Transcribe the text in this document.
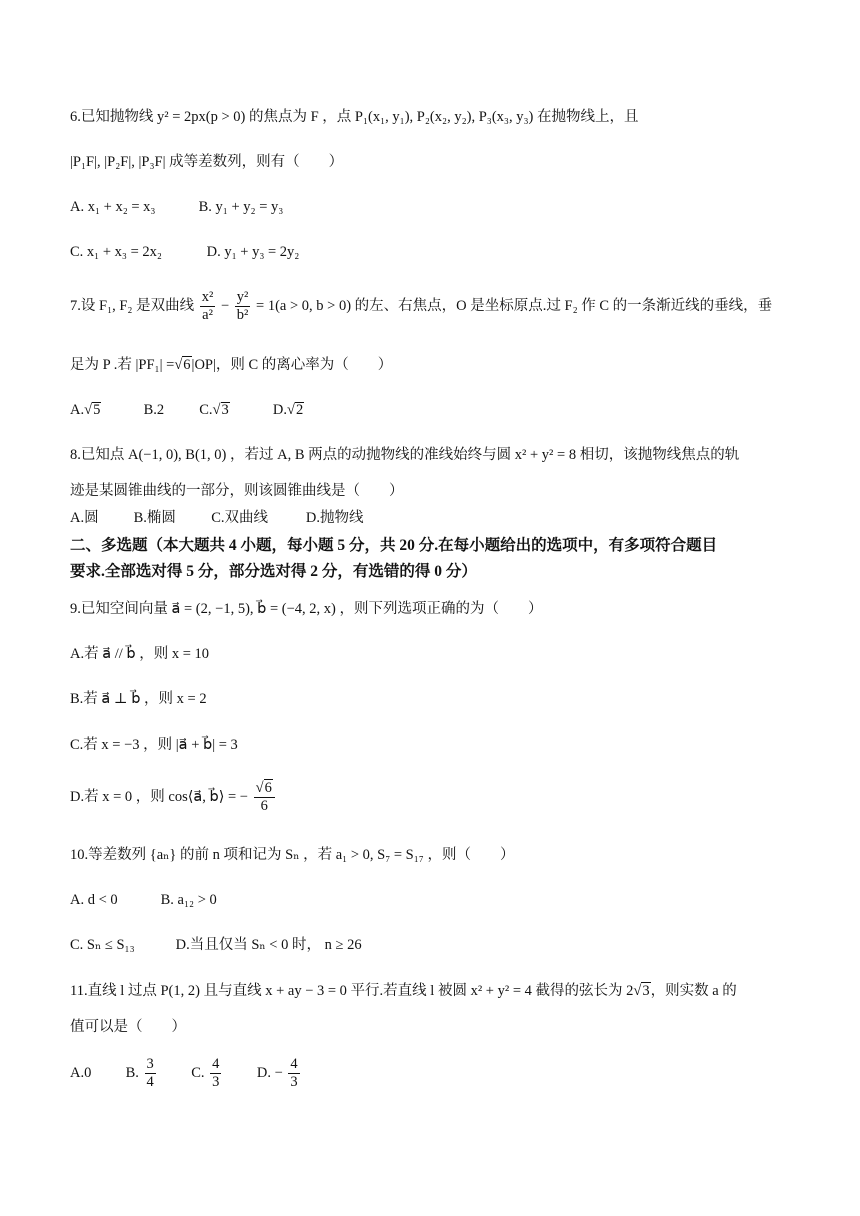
6.已知抛物线 y² = 2px(p > 0) 的焦点为 F ，点 P₁(x₁, y₁), P₂(x₂, y₂), P₃(x₃, y₃) 在抛物线上，且
|P₁F|, |P₂F|, |P₃F| 成等差数列，则有（　　）
A. x₁ + x₂ = x₃	B. y₁ + y₂ = y₃
C. x₁ + x₃ = 2x₂	D. y₁ + y₃ = 2y₂
7.设 F₁, F₂ 是双曲线 $\frac{\text{x²}}{\text{a²}} - \frac{\text{y²}}{\text{b²}} = 1(a > 0$, b > 0) 的左、右焦点，O 是坐标原点.过 F₂ 作 C 的一条渐近线的垂线，垂
足为 P .若 |PF₁| =√6|OP|，则 C 的离心率为（　　）
A.√5	B.2 C.√3	D.√2
8.已知点 A(−1, 0), B(1, 0) ，若过 A, B 两点的动抛物线的准线始终与圆 x² + y² = 8 相切，该抛物线焦点的轨
迹是某圆锥曲线的一部分，则该圆锥曲线是（　　）
A.圆 B.椭圆 C.双曲线	D.抛物线
二、多选题（本大题共 4 小题，每小题 5 分，共 20 分.在每小题给出的选项中，有多项符合题目
要求.全部选对得 5 分，部分选对得 2 分，有选错的得 0 分）
9.已知空间向量 a⃗ = (2, −1, 5), b⃗ = (−4, 2, x) ，则下列选项正确的为（　　）
A.若 a⃗ // b⃗ ，则 x = 10
B.若 a⃗ ⊥ b⃗ ，则 x = 2
C.若 x = −3 ，则 |a⃗ + b⃗| = 3
D.若 x = 0 ，则 cos⟨a⃗, b⃗⟩ = − $\frac{√6}{6}$
10.等差数列 {aₙ} 的前 n 项和记为 Sₙ ，若 a₁ > 0, S₇ = S₁₇ ，则（　　）
A. d < 0	B. a₁₂ > 0
C. Sₙ ≤ S₁₃	D.当且仅当 Sₙ < 0 时， n ≥ 26
11.直线 l 过点 P(1, 2) 且与直线 x + ay − 3 = 0 平行.若直线 l 被圆 x² + y² = 4 截得的弦长为 2√3，则实数 a 的
值可以是（　　）
A.0 B. $\frac{3}{4} C$. $\frac{4}{3} D$. − $\frac{4}{3}$
